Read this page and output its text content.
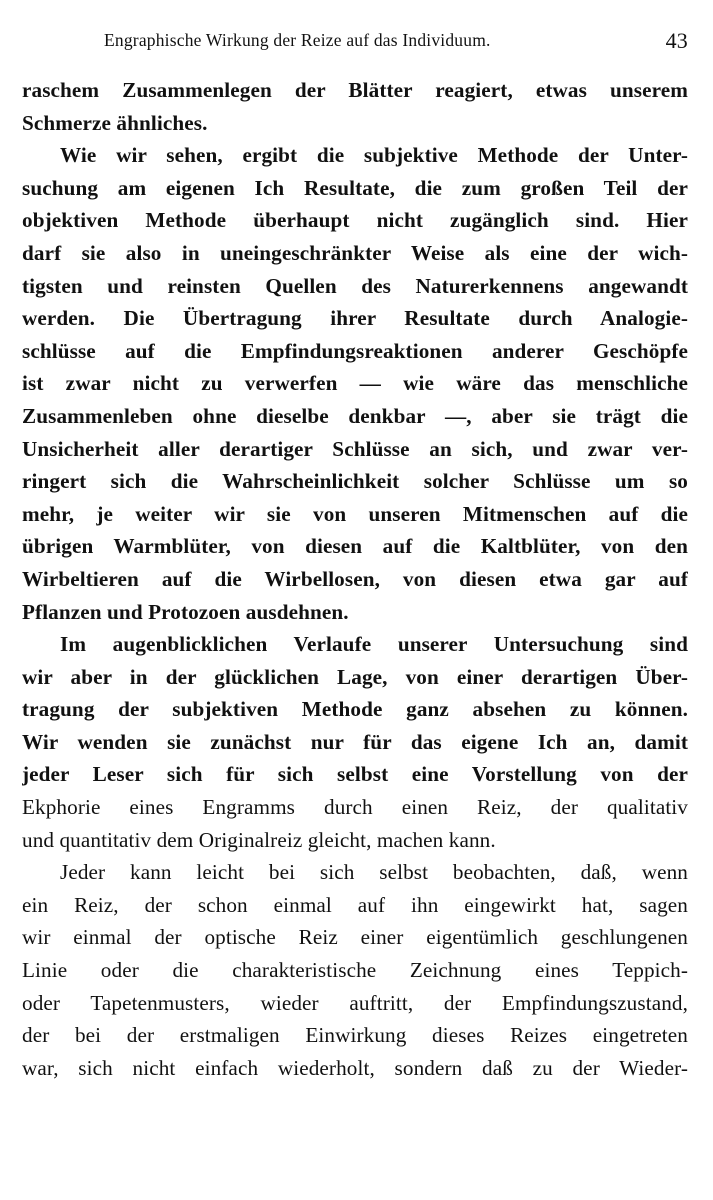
Engraphische Wirkung der Reize auf das Individuum.	43
raschem Zusammenlegen der Blätter reagiert, etwas unserem
Schmerze ähnliches.
Wie wir sehen, ergibt die subjektive Methode der Unter-
suchung am eigenen Ich Resultate, die zum großen Teil der
objektiven Methode überhaupt nicht zugänglich sind. Hier
darf sie also in uneingeschränkter Weise als eine der wich-
tigsten und reinsten Quellen des Naturerkennens angewandt
werden. Die Übertragung ihrer Resultate durch Analogie-
schlüsse auf die Empfindungsreaktionen anderer Geschöpfe
ist zwar nicht zu verwerfen — wie wäre das menschliche
Zusammenleben ohne dieselbe denkbar —, aber sie trägt die
Unsicherheit aller derartiger Schlüsse an sich, und zwar ver-
ringert sich die Wahrscheinlichkeit solcher Schlüsse um so
mehr, je weiter wir sie von unseren Mitmenschen auf die
übrigen Warmblüter, von diesen auf die Kaltblüter, von den
Wirbeltieren auf die Wirbellosen, von diesen etwa gar auf
Pflanzen und Protozoen ausdehnen.
Im augenblicklichen Verlaufe unserer Untersuchung sind
wir aber in der glücklichen Lage, von einer derartigen Über-
tragung der subjektiven Methode ganz absehen zu können.
Wir wenden sie zunächst nur für das eigene Ich an, damit
jeder Leser sich für sich selbst eine Vorstellung von der
Ekphorie eines Engramms durch einen Reiz, der qualitativ
und quantitativ dem Originalreiz gleicht, machen kann.
Jeder kann leicht bei sich selbst beobachten, daß, wenn
ein Reiz, der schon einmal auf ihn eingewirkt hat, sagen
wir einmal der optische Reiz einer eigentümlich geschlungenen
Linie oder die charakteristische Zeichnung eines Teppich-
oder Tapetenmusters, wieder auftritt, der Empfindungszustand,
der bei der erstmaligen Einwirkung dieses Reizes eingetreten
war, sich nicht einfach wiederholt, sondern daß zu der Wieder-
